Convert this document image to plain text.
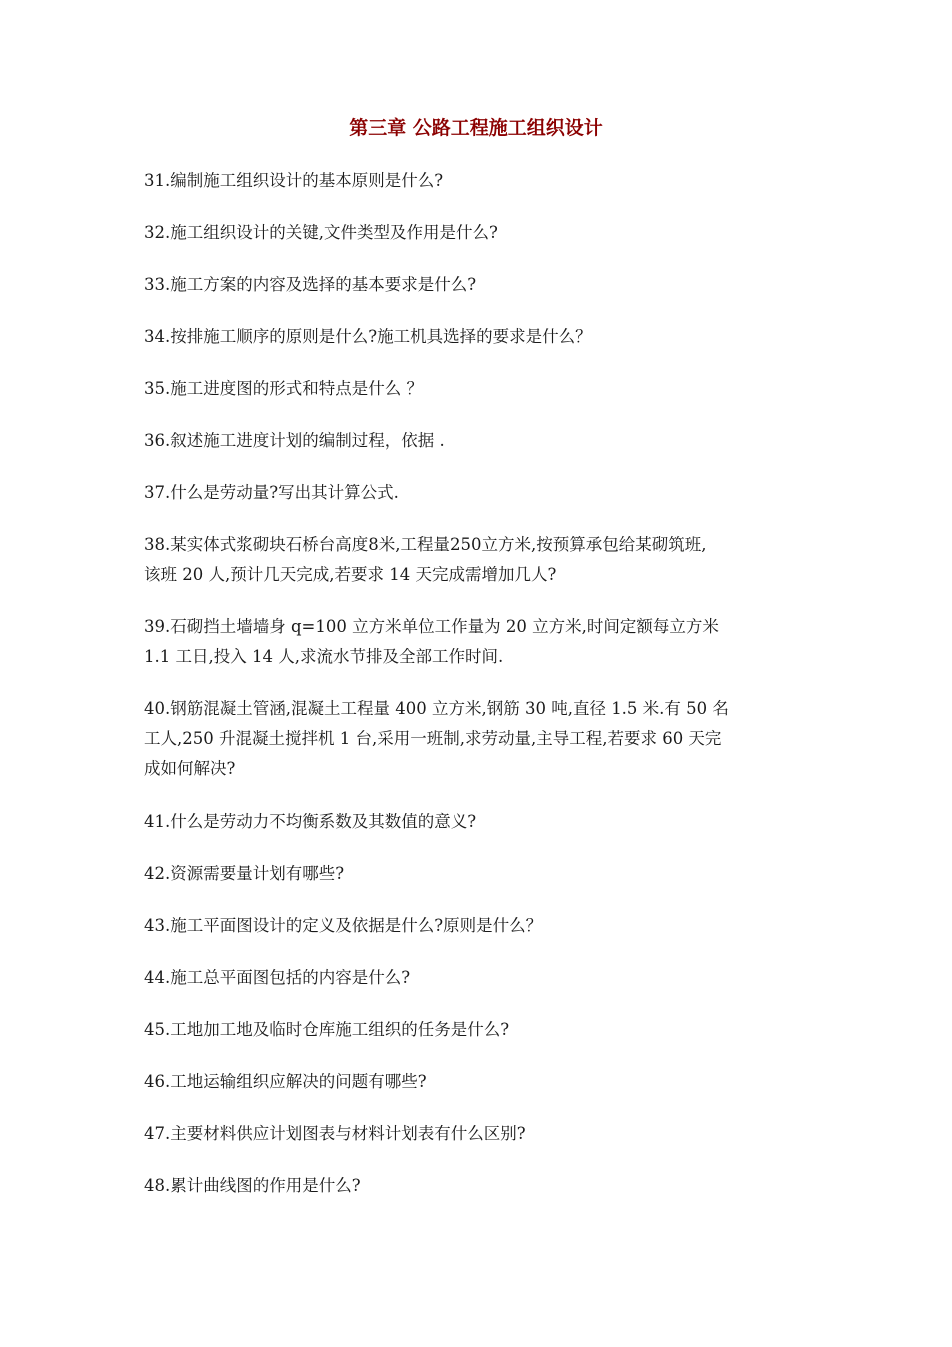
第三章 公路工程施工组织设计
31.编制施工组织设计的基本原则是什么?
32.施工组织设计的关键,文件类型及作用是什么?
33.施工方案的内容及选择的基本要求是什么?
34.按排施工顺序的原则是什么?施工机具选择的要求是什么？
35.施工进度图的形式和特点是什么 ？
36.叙述施工进度计划的编制过程，依据 .
37.什么是劳动量?写出其计算公式.
38.某实体式浆砌块石桥台高度8米,工程量250立方米,按预算承包给某砌筑班,
该班 20 人,预计几天完成,若要求 14 天完成需增加几人?
39.石砌挡土墙墙身 q=100 立方米单位工作量为 20 立方米,时间定额每立方米
1.1 工日,投入 14 人,求流水节排及全部工作时间.
40.钢筋混凝土管涵,混凝土工程量 400 立方米,钢筋 30 吨,直径 1.5 米.有 50 名
工人,250 升混凝土搅拌机 1 台,采用一班制,求劳动量,主导工程,若要求 60 天完
成如何解决?
41.什么是劳动力不均衡系数及其数值的意义?
42.资源需要量计划有哪些?
43.施工平面图设计的定义及依据是什么?原则是什么？
44.施工总平面图包括的内容是什么?
45.工地加工地及临时仓库施工组织的任务是什么?
46.工地运输组织应解决的问题有哪些?
47.主要材料供应计划图表与材料计划表有什么区别?
48.累计曲线图的作用是什么?
